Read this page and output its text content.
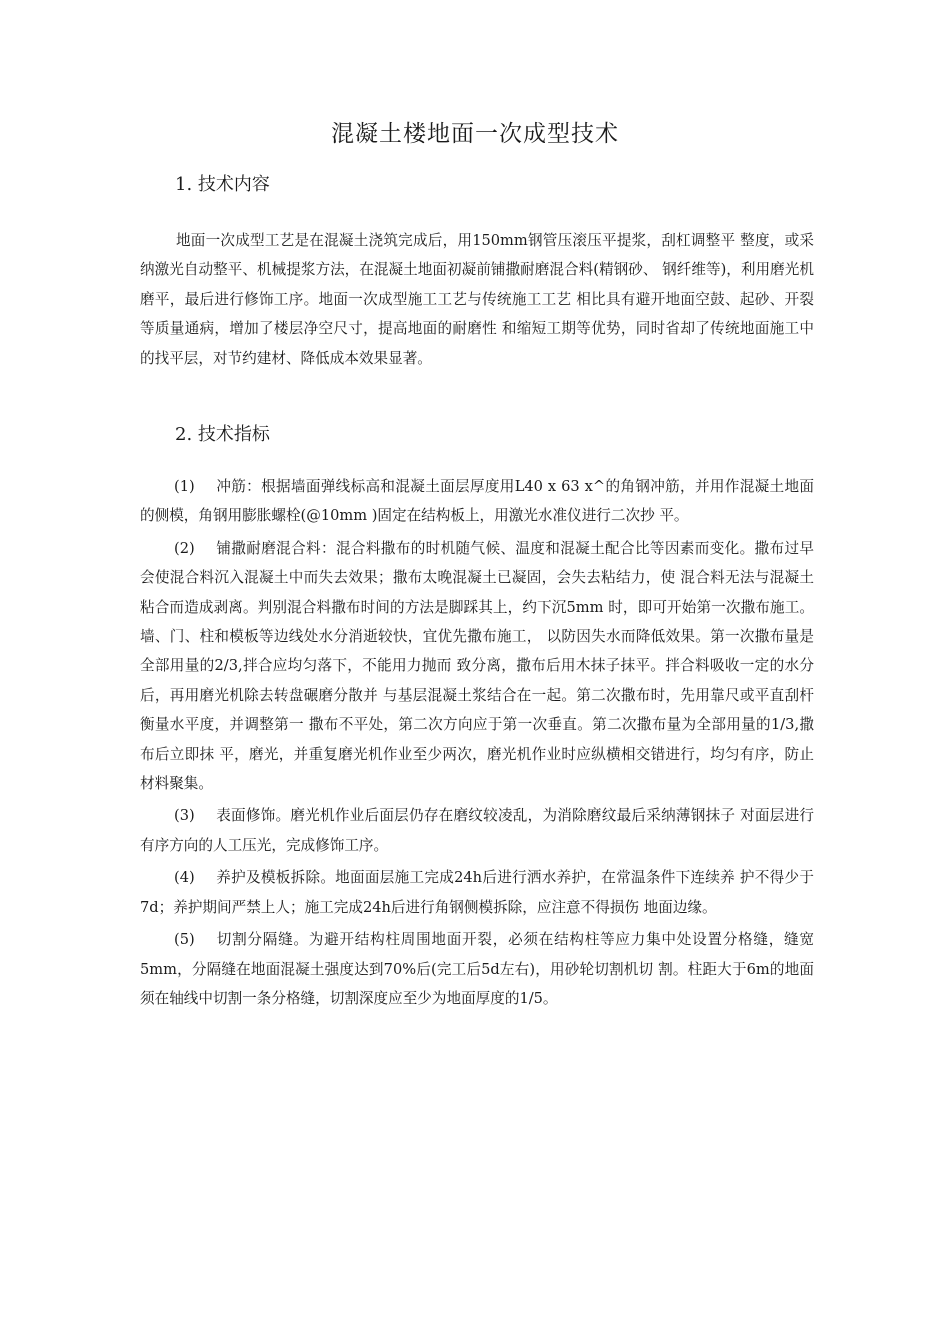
混凝土楼地面一次成型技术
1. 技术内容

地面一次成型工艺是在混凝土浇筑完成后，用150mm钢管压滚压平提浆，刮杠调整平 整度，或采纳激光自动整平、机械提浆方法，在混凝土地面初凝前铺撒耐磨混合料(精钢砂、 钢纤维等)，利用磨光机磨平，最后进行修饰工序。地面一次成型施工工艺与传统施工工艺 相比具有避开地面空鼓、起砂、开裂等质量通病，增加了楼层净空尺寸，提高地面的耐磨性 和缩短工期等优势，同时省却了传统地面施工中的找平层，对节约建材、降低成本效果显著。

2. 技术指标

(1) 冲筋：根据墙面弹线标高和混凝土面层厚度用L40 x 63 x^的角钢冲筋，并用作混凝土地面的侧模，角钢用膨胀螺栓(@10mm )固定在结构板上，用激光水准仪进行二次抄 平。

(2) 铺撒耐磨混合料：混合料撒布的时机随气候、温度和混凝土配合比等因素而变化。撒布过早会使混合料沉入混凝土中而失去效果；撒布太晚混凝土已凝固，会失去粘结力，使 混合料无法与混凝土粘合而造成剥离。判别混合料撒布时间的方法是脚踩其上，约下沉5mm 时，即可开始第一次撒布施工。墙、门、柱和模板等边线处水分消逝较快，宜优先撒布施工， 以防因失水而降低效果。第一次撒布量是全部用量的2/3,拌合应均匀落下，不能用力抛而 致分离，撒布后用木抹子抹平。拌合料吸收一定的水分后，再用磨光机除去转盘碾磨分散并 与基层混凝土浆结合在一起。第二次撒布时，先用靠尺或平直刮杆衡量水平度，并调整第一 撒布不平处，第二次方向应于第一次垂直。第二次撒布量为全部用量的1/3,撒布后立即抹 平，磨光，并重复磨光机作业至少两次，磨光机作业时应纵横相交错进行，均匀有序，防止 材料聚集。

(3) 表面修饰。磨光机作业后面层仍存在磨纹较凌乱，为消除磨纹最后采纳薄钢抹子 对面层进行有序方向的人工压光，完成修饰工序。

(4) 养护及模板拆除。地面面层施工完成24h后进行洒水养护，在常温条件下连续养 护不得少于7d；养护期间严禁上人；施工完成24h后进行角钢侧模拆除，应注意不得损伤 地面边缘。

(5) 切割分隔缝。为避开结构柱周围地面开裂，必须在结构柱等应力集中处设置分格缝，缝宽5mm，分隔缝在地面混凝土强度达到70%后(完工后5d左右)，用砂轮切割机切 割。柱距大于6m的地面须在轴线中切割一条分格缝，切割深度应至少为地面厚度的1/5。
